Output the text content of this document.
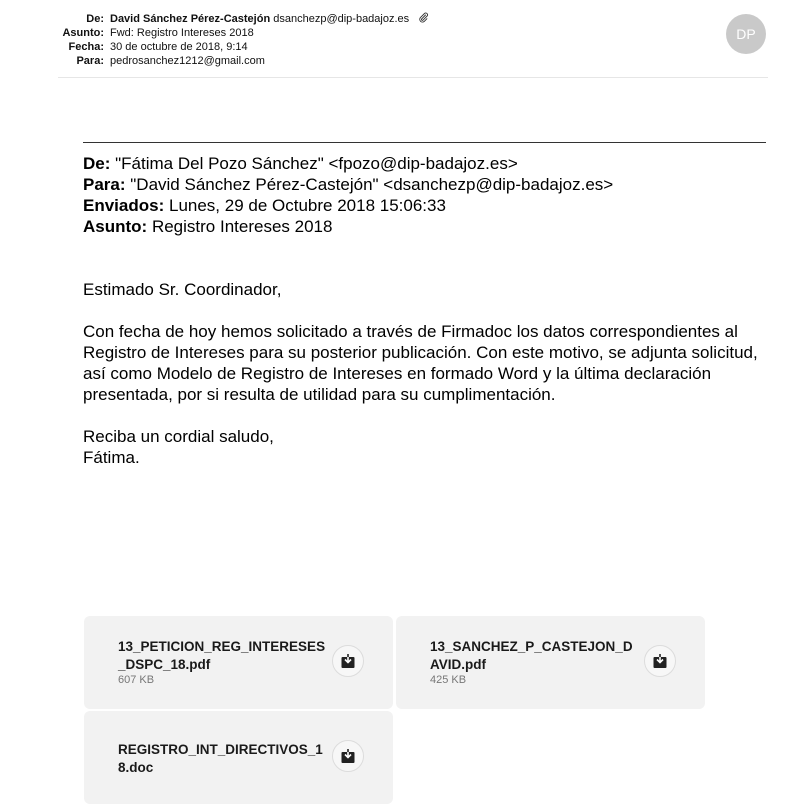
De: David Sánchez Pérez-Castejón dsanchezp@dip-badajoz.es
Asunto: Fwd: Registro Intereses 2018
Fecha: 30 de octubre de 2018, 9:14
Para: pedrosanchez1212@gmail.com
DP
De: "Fátima Del Pozo Sánchez" <fpozo@dip-badajoz.es>
Para: "David Sánchez Pérez-Castejón" <dsanchezp@dip-badajoz.es>
Enviados: Lunes, 29 de Octubre 2018 15:06:33
Asunto: Registro Intereses 2018

Estimado Sr. Coordinador,

Con fecha de hoy hemos solicitado a través de Firmadoc los datos correspondientes al Registro de Intereses para su posterior publicación. Con este motivo, se adjunta solicitud, así como Modelo de Registro de Intereses en formado Word y la última declaración presentada, por si resulta de utilidad para su cumplimentación.

Reciba un cordial saludo,

Fátima.

13_PETICION_REG_INTERESES_DSPC_18.pdf
607 KB
13_SANCHEZ_P_CASTEJON_DAVID.pdf
425 KB
REGISTRO_INT_DIRECTIVOS_18.doc
